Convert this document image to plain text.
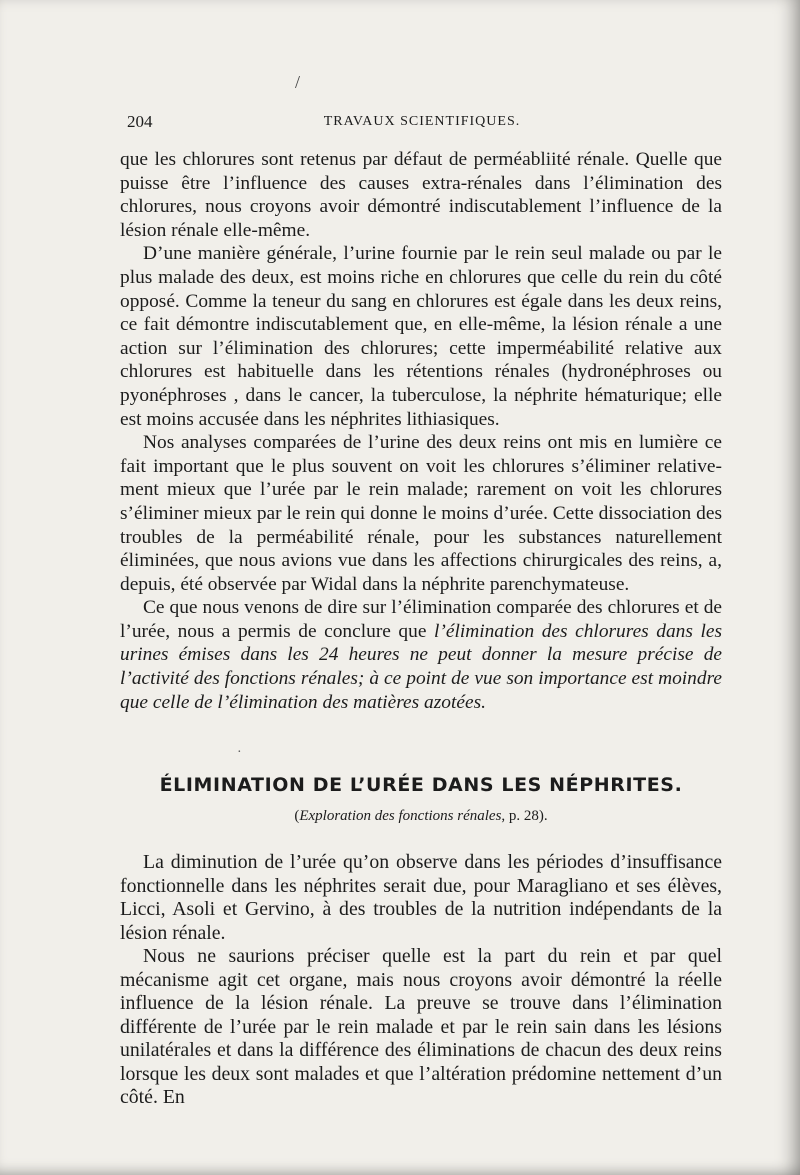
/
204	TRAVAUX SCIENTIFIQUES.

que les chlorures sont retenus par défaut de perméabliité rénale. Quelle que puisse être l’influence des causes extra-rénales dans l’élimination des chlorures, nous croyons avoir démontré indiscutablement l’influence de la lésion rénale elle-même.

D’une manière générale, l’urine fournie par le rein seul malade ou par le plus malade des deux, est moins riche en chlorures que celle du rein du côté opposé. Comme la teneur du sang en chlorures est égale dans les deux reins, ce fait démontre indiscutablement que, en elle-même, la lésion rénale a une action sur l’élimination des chlorures; cette imperméabilité relative aux chlorures est habituelle dans les rétentions rénales (hydronéphroses ou pyonéphroses , dans le cancer, la tuberculose, la néphrite hématurique; elle est moins accusée dans les néphrites lithiasiques.

Nos analyses comparées de l’urine des deux reins ont mis en lumière ce fait important que le plus souvent on voit les chlorures s’éliminer relativement mieux que l’urée par le rein malade; rarement on voit les chlorures s’éliminer mieux par le rein qui donne le moins d’urée. Cette dissociation des troubles de la perméabilité rénale, pour les substances naturellement éliminées, que nous avions vue dans les affections chirurgicales des reins, a, depuis, été observée par Widal dans la néphrite parenchymateuse.

Ce que nous venons de dire sur l’élimination comparée des chlorures et de l’urée, nous a permis de conclure que l’élimination des chlorures dans les urines émises dans les 24 heures ne peut donner la mesure précise de l’activité des fonctions rénales; à ce point de vue son importance est moindre que celle de l’élimination des matières azotées.

·
ÉLIMINATION DE L’URÉE DANS LES NÉPHRITES.
(Exploration des fonctions rénales, p. 28).

La diminution de l’urée qu’on observe dans les périodes d’insuffisance fonctionnelle dans les néphrites serait due, pour Maragliano et ses élèves, Licci, Asoli et Gervino, à des troubles de la nutrition indépendants de la lésion rénale.

Nous ne saurions préciser quelle est la part du rein et par quel mécanisme agit cet organe, mais nous croyons avoir démontré la réelle influence de la lésion rénale. La preuve se trouve dans l’élimination différente de l’urée par le rein malade et par le rein sain dans les lésions unilatérales et dans la différence des éliminations de chacun des deux reins lorsque les deux sont malades et que l’altération prédomine nettement d’un côté. En
